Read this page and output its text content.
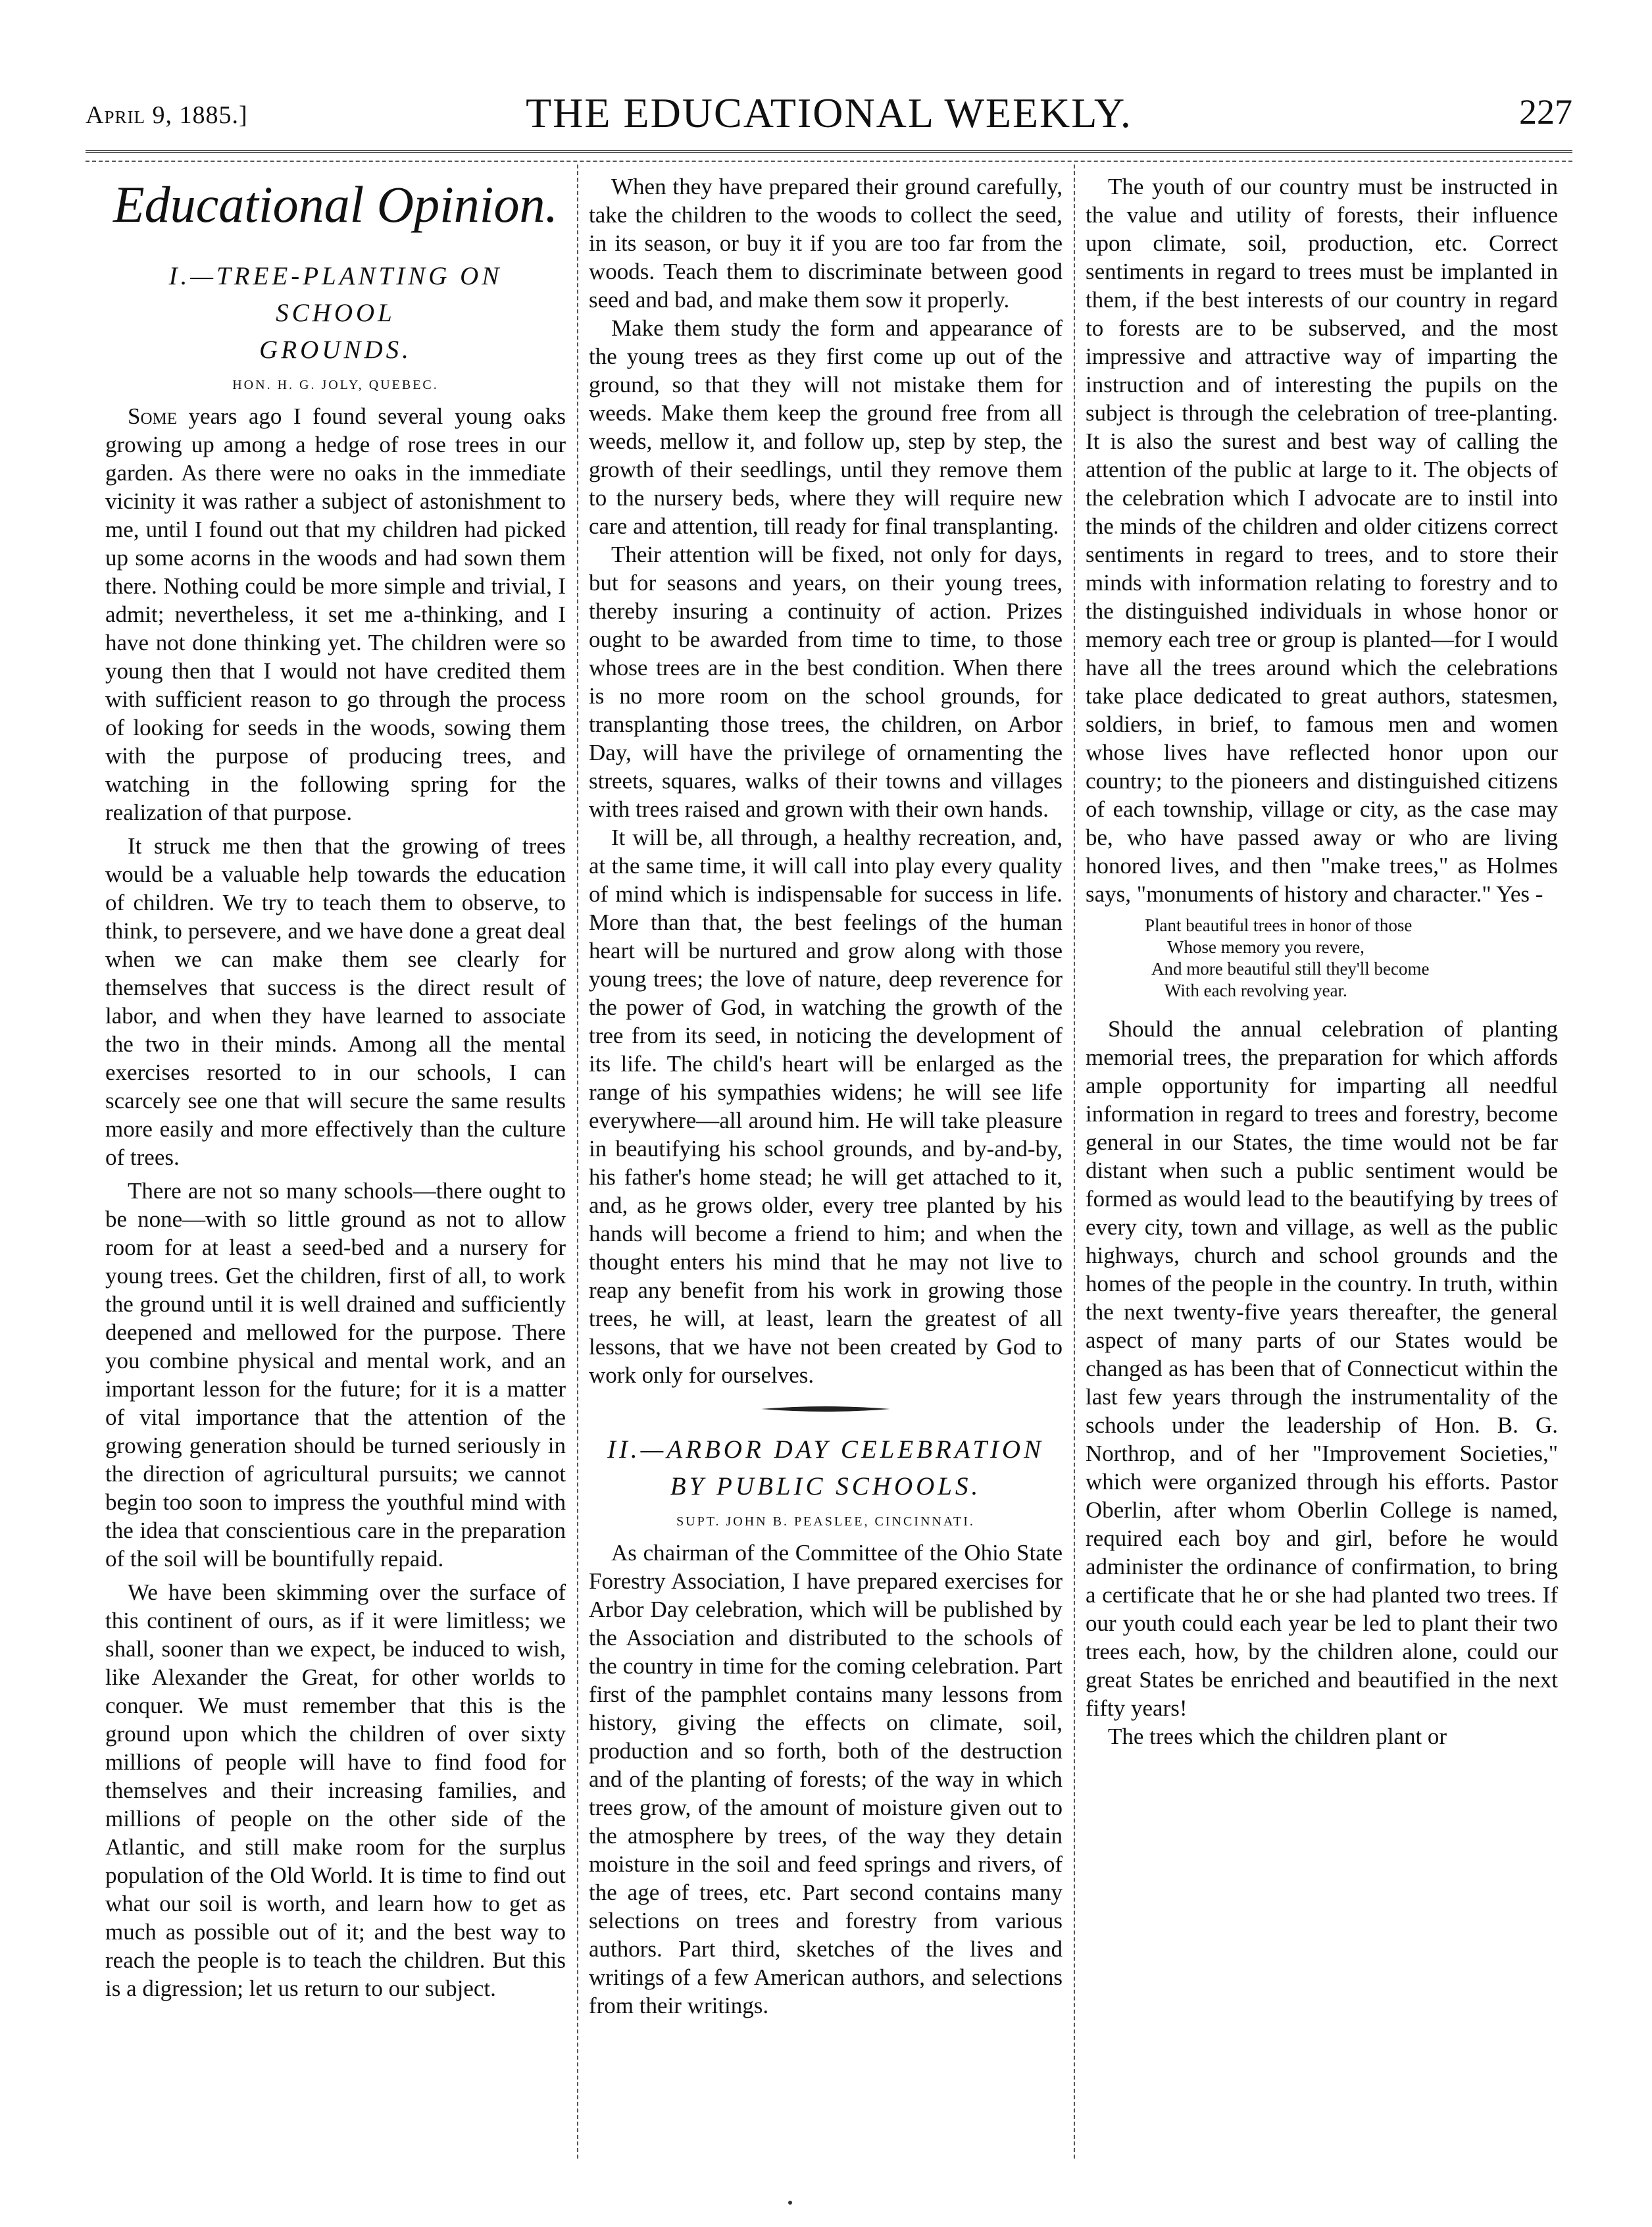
April 9, 1885.]	THE EDUCATIONAL WEEKLY.	227
Educational Opinion.
I.—TREE-PLANTING ON SCHOOL
GROUNDS.
HON. H. G. JOLY, QUEBEC.

Some years ago I found several young oaks growing up among a hedge of rose trees in our garden. As there were no oaks in the immediate vicinity it was rather a subject of astonishment to me, until I found out that my children had picked up some acorns in the woods and had sown them there. Nothing could be more simple and trivial, I admit; nevertheless, it set me a-thinking, and I have not done thinking yet. The children were so young then that I would not have credited them with sufficient reason to go through the process of looking for seeds in the woods, sowing them with the purpose of producing trees, and watching in the following spring for the realization of that purpose.

It struck me then that the growing of trees would be a valuable help towards the education of children. We try to teach them to observe, to think, to persevere, and we have done a great deal when we can make them see clearly for themselves that success is the direct result of labor, and when they have learned to associate the two in their minds. Among all the mental exercises resorted to in our schools, I can scarcely see one that will secure the same results more easily and more effectively than the culture of trees.

There are not so many schools—there ought to be none—with so little ground as not to allow room for at least a seed-bed and a nursery for young trees. Get the children, first of all, to work the ground until it is well drained and sufficiently deepened and mellowed for the purpose. There you combine physical and mental work, and an important lesson for the future; for it is a matter of vital importance that the attention of the growing generation should be turned seriously in the direction of agricultural pursuits; we cannot begin too soon to impress the youthful mind with the idea that conscientious care in the preparation of the soil will be bountifully repaid.

We have been skimming over the surface of this continent of ours, as if it were limitless; we shall, sooner than we expect, be induced to wish, like Alexander the Great, for other worlds to conquer. We must remember that this is the ground upon which the children of over sixty millions of people will have to find food for themselves and their increasing families, and millions of people on the other side of the Atlantic, and still make room for the surplus population of the Old World. It is time to find out what our soil is worth, and learn how to get as much as possible out of it; and the best way to reach the people is to teach the children. But this is a digression; let us return to our subject.

When they have prepared their ground carefully, take the children to the woods to collect the seed, in its season, or buy it if you are too far from the woods. Teach them to discriminate between good seed and bad, and make them sow it properly.

Make them study the form and appearance of the young trees as they first come up out of the ground, so that they will not mistake them for weeds. Make them keep the ground free from all weeds, mellow it, and follow up, step by step, the growth of their seedlings, until they remove them to the nursery beds, where they will require new care and attention, till ready for final transplanting.

Their attention will be fixed, not only for days, but for seasons and years, on their young trees, thereby insuring a continuity of action. Prizes ought to be awarded from time to time, to those whose trees are in the best condition. When there is no more room on the school grounds, for transplanting those trees, the children, on Arbor Day, will have the privilege of ornamenting the streets, squares, walks of their towns and villages with trees raised and grown with their own hands.

It will be, all through, a healthy recreation, and, at the same time, it will call into play every quality of mind which is indispensable for success in life. More than that, the best feelings of the human heart will be nurtured and grow along with those young trees; the love of nature, deep reverence for the power of God, in watching the growth of the tree from its seed, in noticing the development of its life. The child's heart will be enlarged as the range of his sympathies widens; he will see life everywhere—all around him. He will take pleasure in beautifying his school grounds, and by-and-by, his father's home stead; he will get attached to it, and, as he grows older, every tree planted by his hands will become a friend to him; and when the thought enters his mind that he may not live to reap any benefit from his work in growing those trees, he will, at least, learn the greatest of all lessons, that we have not been created by God to work only for ourselves.

II.—ARBOR DAY CELEBRATION
BY PUBLIC SCHOOLS.
SUPT. JOHN B. PEASLEE, CINCINNATI.

As chairman of the Committee of the Ohio State Forestry Association, I have prepared exercises for Arbor Day celebration, which will be published by the Association and distributed to the schools of the country in time for the coming celebration. Part first of the pamphlet contains many lessons from history, giving the effects on climate, soil, production and so forth, both of the destruction and of the planting of forests; of the way in which trees grow, of the amount of moisture given out to the atmosphere by trees, of the way they detain moisture in the soil and feed springs and rivers, of the age of trees, etc. Part second contains many selections on trees and forestry from various authors. Part third, sketches of the lives and writings of a few American authors, and selections from their writings.

The youth of our country must be instructed in the value and utility of forests, their influence upon climate, soil, production, etc. Correct sentiments in regard to trees must be implanted in them, if the best interests of our country in regard to forests are to be subserved, and the most impressive and attractive way of imparting the instruction and of interesting the pupils on the subject is through the celebration of tree-planting. It is also the surest and best way of calling the attention of the public at large to it. The objects of the celebration which I advocate are to instil into the minds of the children and older citizens correct sentiments in regard to trees, and to store their minds with information relating to forestry and to the distinguished individuals in whose honor or memory each tree or group is planted—for I would have all the trees around which the celebrations take place dedicated to great authors, statesmen, soldiers, in brief, to famous men and women whose lives have reflected honor upon our country; to the pioneers and distinguished citizens of each township, village or city, as the case may be, who have passed away or who are living honored lives, and then "make trees," as Holmes says, "monuments of history and character." Yes -

Plant beautiful trees in honor of those
Whose memory you revere,
And more beautiful still they'll become
With each revolving year.

Should the annual celebration of planting memorial trees, the preparation for which affords ample opportunity for imparting all needful information in regard to trees and forestry, become general in our States, the time would not be far distant when such a public sentiment would be formed as would lead to the beautifying by trees of every city, town and village, as well as the public highways, church and school grounds and the homes of the people in the country. In truth, within the next twenty-five years thereafter, the general aspect of many parts of our States would be changed as has been that of Connecticut within the last few years through the instrumentality of the schools under the leadership of Hon. B. G. Northrop, and of her "Improvement Societies," which were organized through his efforts. Pastor Oberlin, after whom Oberlin College is named, required each boy and girl, before he would administer the ordinance of confirmation, to bring a certificate that he or she had planted two trees. If our youth could each year be led to plant their two trees each, how, by the children alone, could our great States be enriched and beautified in the next fifty years!

The trees which the children plant or
